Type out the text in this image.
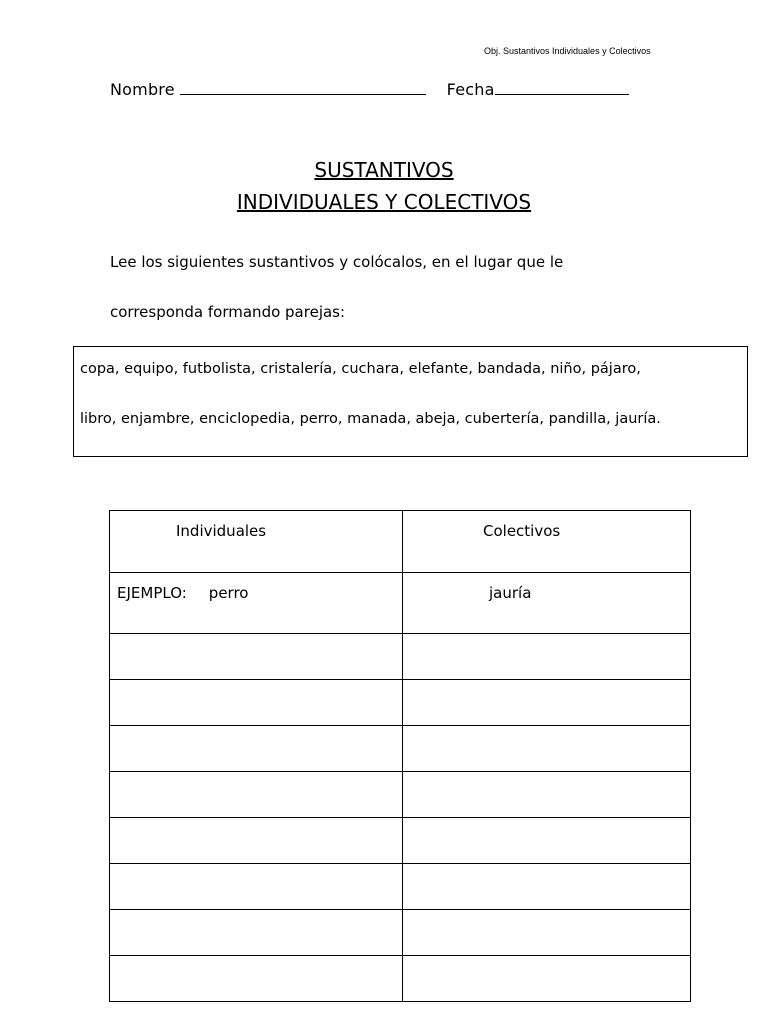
Obj. Sustantivos Individuales y Colectivos
Nombre	Fecha
SUSTANTIVOS
INDIVIDUALES Y COLECTIVOS
Lee los siguientes sustantivos y colócalos, en el lugar que le
corresponda formando parejas:
copa, equipo, futbolista, cristalería, cuchara, elefante, bandada, niño, pájaro,
libro, enjambre, enciclopedia, perro, manada, abeja, cubertería, pandilla, jauría.
Individuales	Colectivos

EJEMPLO: perro	jauría
